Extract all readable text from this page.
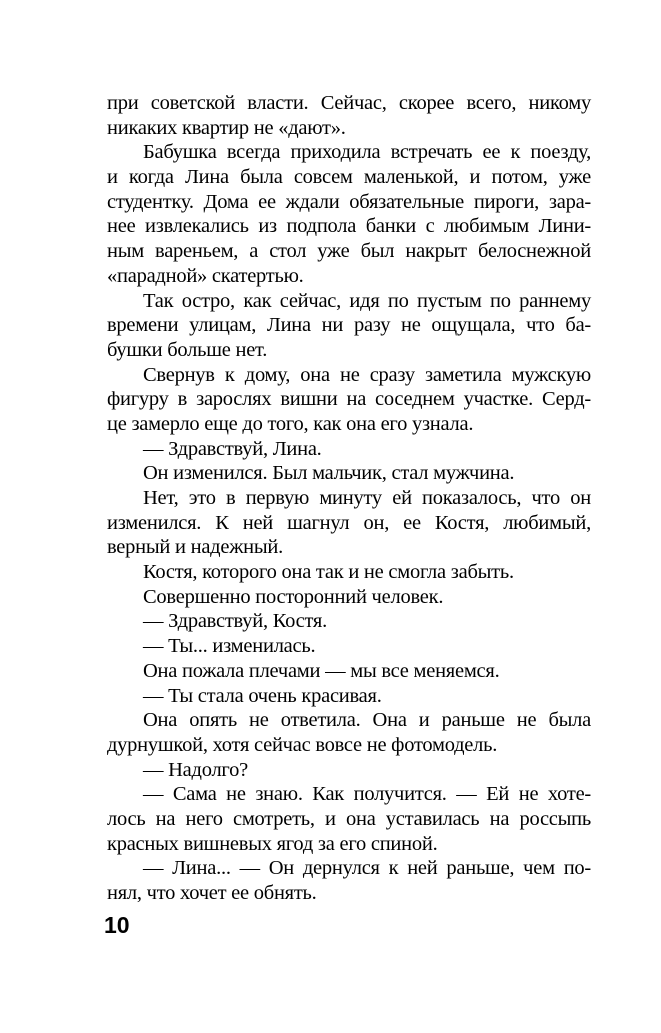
при советской власти. Сейчас, скорее всего, никому
никаких квартир не «дают».
Бабушка всегда приходила встречать ее к поезду,
и когда Лина была совсем маленькой, и потом, уже
студентку. Дома ее ждали обязательные пироги, зара-
нее извлекались из подпола банки с любимым Лини-
ным вареньем, а стол уже был накрыт белоснежной
«парадной» скатертью.
Так остро, как сейчас, идя по пустым по раннему
времени улицам, Лина ни разу не ощущала, что ба-
бушки больше нет.
Свернув к дому, она не сразу заметила мужскую
фигуру в зарослях вишни на соседнем участке. Серд-
це замерло еще до того, как она его узнала.
— Здравствуй, Лина.
Он изменился. Был мальчик, стал мужчина.
Нет, это в первую минуту ей показалось, что он
изменился. К ней шагнул он, ее Костя, любимый,
верный и надежный.
Костя, которого она так и не смогла забыть.
Совершенно посторонний человек.
— Здравствуй, Костя.
— Ты... изменилась.
Она пожала плечами — мы все меняемся.
— Ты стала очень красивая.
Она опять не ответила. Она и раньше не была
дурнушкой, хотя сейчас вовсе не фотомодель.
— Надолго?
— Сама не знаю. Как получится. — Ей не хоте-
лось на него смотреть, и она уставилась на россыпь
красных вишневых ягод за его спиной.
— Лина... — Он дернулся к ней раньше, чем по-
нял, что хочет ее обнять.
10
